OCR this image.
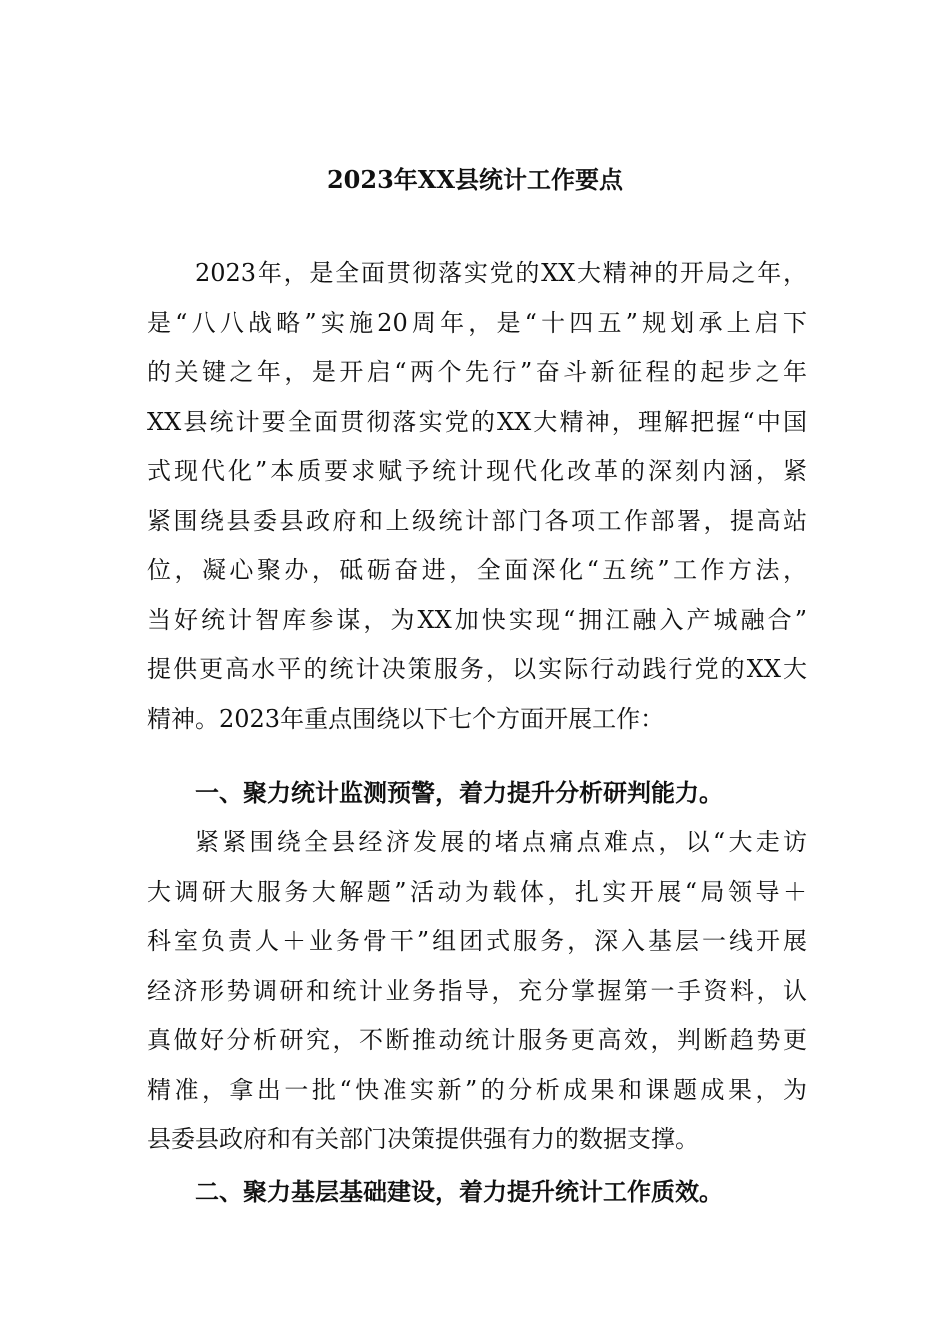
2023年XX县统计工作要点
2023年，是全面贯彻落实党的XX大精神的开局之年，
是“八八战略”实施20周年，是“十四五”规划承上启下
的关键之年，是开启“两个先行”奋斗新征程的起步之年
XX县统计要全面贯彻落实党的XX大精神，理解把握“中国
式现代化”本质要求赋予统计现代化改革的深刻内涵，紧
紧围绕县委县政府和上级统计部门各项工作部署，提高站
位，凝心聚办，砥砺奋进，全面深化“五统”工作方法，
当好统计智库参谋，为XX加快实现“拥江融入产城融合”
提供更高水平的统计决策服务，以实际行动践行党的XX大
精神。2023年重点围绕以下七个方面开展工作：
一、聚力统计监测预警，着力提升分析研判能力。
紧紧围绕全县经济发展的堵点痛点难点，以“大走访
大调研大服务大解题”活动为载体，扎实开展“局领导＋
科室负责人＋业务骨干”组团式服务，深入基层一线开展
经济形势调研和统计业务指导，充分掌握第一手资料，认
真做好分析研究，不断推动统计服务更高效，判断趋势更
精准，拿出一批“快准实新”的分析成果和课题成果，为
县委县政府和有关部门决策提供强有力的数据支撑。
二、聚力基层基础建设，着力提升统计工作质效。
